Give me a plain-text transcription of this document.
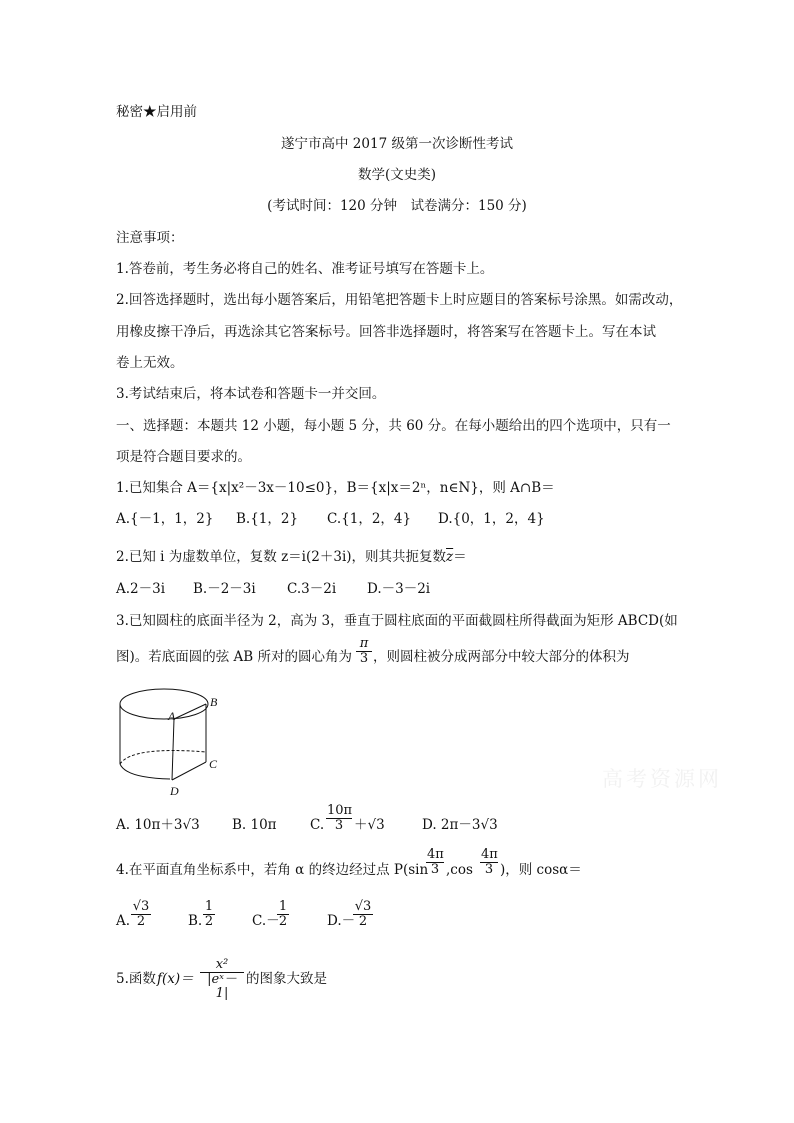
秘密★启用前
遂宁市高中 2017 级第一次诊断性考试
数学(文史类)
(考试时间：120 分钟　试卷满分：150 分)
注意事项：
1.答卷前，考生务必将自己的姓名、准考证号填写在答题卡上。
2.回答选择题时，选出每小题答案后，用铅笔把答题卡上时应题目的答案标号涂黑。如需改动，
用橡皮擦干净后，再选涂其它答案标号。回答非选择题时，将答案写在答题卡上。写在本试
卷上无效。
3.考试结束后，将本试卷和答题卡一并交回。
一、选择题：本题共 12 小题，每小题 5 分，共 60 分。在每小题给出的四个选项中，只有一
项是符合题目要求的。
1.已知集合 A＝{x|x²－3x－10≤0}，B＝{x|x＝2ⁿ，n∈N}，则 A∩B＝
A.{－1，1，2} B.{1，2} C.{1，2，4} D.{0，1，2，4}
2.已知 i 为虚数单位，复数 z＝i(2＋3i)，则其共扼复数$\overline{z}=$
A.2－3i B.－2－3i C.3－2i D.－3－2i
3.已知圆柱的底面半径为 2，高为 3，垂直于圆柱底面的平面截圆柱所得截面为矩形 ABCD(如
图)。若底面圆的弦 AB 所对的圆心角为 $\frac{\pi}{3}$ ，则圆柱被分成两部分中较大部分的体积为
A
B
C
D	高考资源网
A. 10π＋3√3 B. 10π C. $\frac{10\pi}{3} +√3$	D. 2π－3√3
4.在平面直角坐标系中，若角 α 的终边经过点 P(sin
$\frac{4\pi}{3} ,\cos \frac{4\pi}{3}$ )，则 cosα＝
A. $\frac{√3}{2}$	B. $\frac{1}{2}$	C.－
$\frac{1}{2}$	D.－
$\frac{√3}{2}$
5.函数 $f(x)= \frac{\text{x²}}{\text{|eˣ－1|}}$ 的图象大致是
